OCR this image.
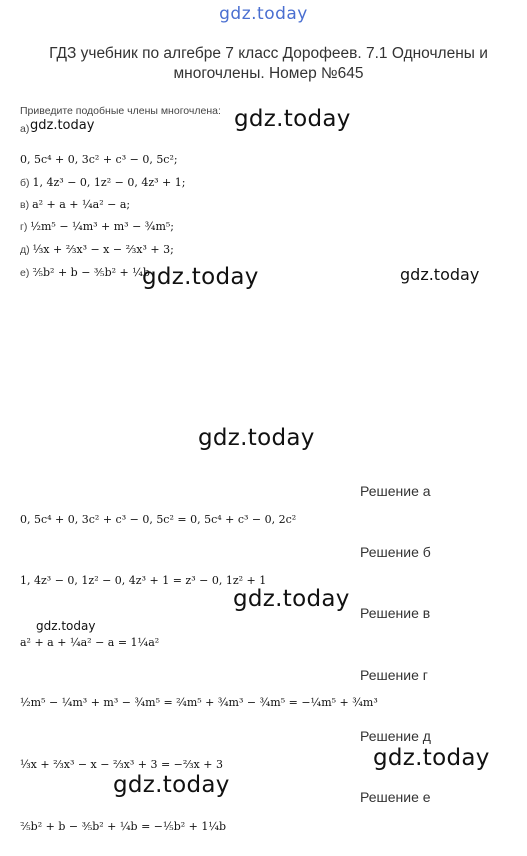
gdz.today
ГДЗ учебник по алгебре 7 класс Дорофеев. 7.1 Одночлены и многочлены. Номер №645
Приведите подобные члены многочлена:
а) gdz.today	gdz.today
0, 5c⁴ + 0, 3c² + c³ − 0, 5c²;
б) 1, 4z³ − 0, 1z² − 0, 4z³ + 1;
в) a² + a + ¼a² − a;
г) ½m⁵ − ¼m³ + m³ − ¾m⁵;
д) ⅓x + ⅔x³ − x − ⅔x³ + 3;
е) ⅖b² + b − ⅗b² + ¼b
gdz.today	gdz.today
gdz.today
Решение а
0, 5c⁴ + 0, 3c² + c³ − 0, 5c² = 0, 5c⁴ + c³ − 0, 2c²
Решение б
1, 4z³ − 0, 1z² − 0, 4z³ + 1 = z³ − 0, 1z² + 1
gdz.today
Решение в
gdz.today
a² + a + ¼a² − a = 1¼a²
Решение г
½m⁵ − ¼m³ + m³ − ¾m⁵ = ²⁄₄m⁵ + ¾m³ − ¾m⁵ = −¼m⁵ + ¾m³
Решение д
gdz.today
⅓x + ⅔x³ − x − ⅔x³ + 3 = −⅔x + 3
gdz.today	Решение е
⅖b² + b − ⅗b² + ¼b = −⅕b² + 1¼b
